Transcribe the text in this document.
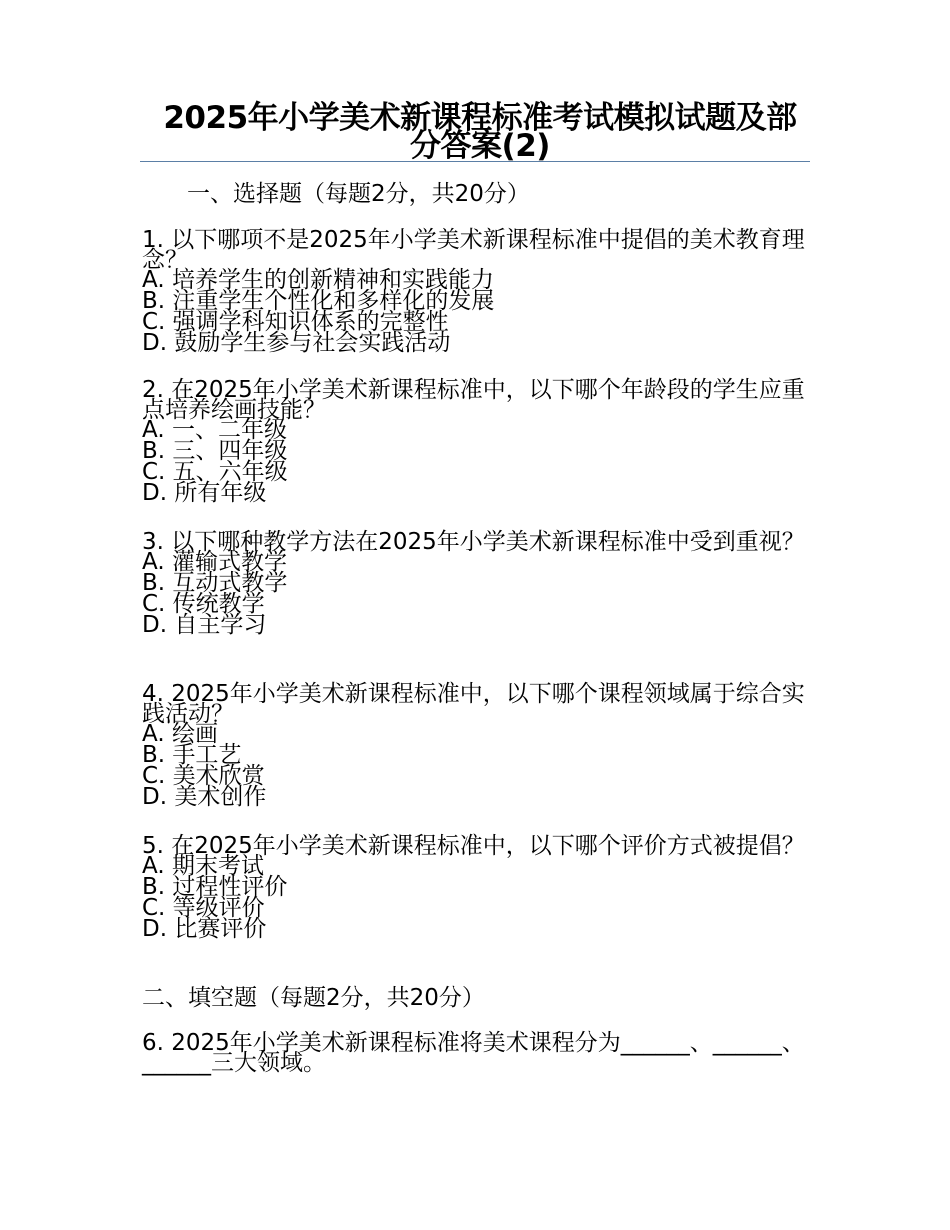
2025年小学美术新课程标准考试模拟试题及部分答案(2)
一、选择题（每题2分，共20分）
1. 以下哪项不是2025年小学美术新课程标准中提倡的美术教育理念？
A. 培养学生的创新精神和实践能力
B. 注重学生个性化和多样化的发展
C. 强调学科知识体系的完整性
D. 鼓励学生参与社会实践活动
2. 在2025年小学美术新课程标准中，以下哪个年龄段的学生应重点培养绘画技能？
A. 一、二年级
B. 三、四年级
C. 五、六年级
D. 所有年级
3. 以下哪种教学方法在2025年小学美术新课程标准中受到重视？
A. 灌输式教学
B. 互动式教学
C. 传统教学
D. 自主学习
4. 2025年小学美术新课程标准中，以下哪个课程领域属于综合实践活动？
A. 绘画
B. 手工艺
C. 美术欣赏
D. 美术创作
5. 在2025年小学美术新课程标准中，以下哪个评价方式被提倡？
A. 期末考试
B. 过程性评价
C. 等级评价
D. 比赛评价
二、填空题（每题2分，共20分）
6. 2025年小学美术新课程标准将美术课程分为______、______、______三大领域。
